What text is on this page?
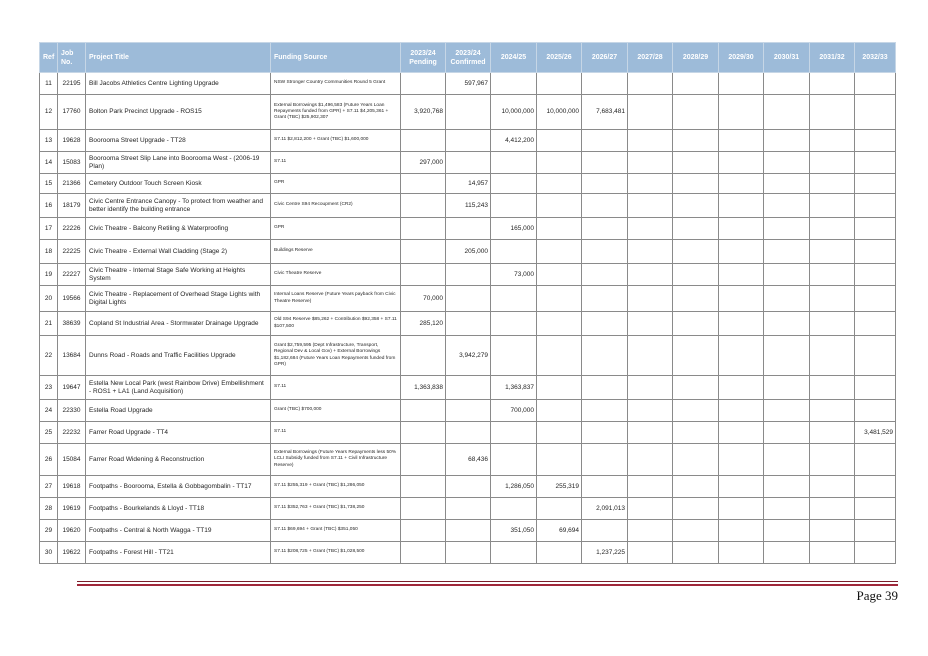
Ref	Job No.	Project Title	Funding Source	2023/24 Pending	2023/24 Confirmed	2024/25	2025/26	2026/27	2027/28	2028/29	2029/30	2030/31	2031/32	2032/33
11	22195	Bill Jacobs Athletics Centre Lighting Upgrade	NSW Stronger Country Communities Round 5 Grant		597,967									
12	17760	Bolton Park Precinct Upgrade - ROS15	External Borrowings $1,496,583 (Future Years Loan Repayments funded from GPR) + S7.11 $4,205,361 + Grant (TBC) $25,902,307	3,920,768		10,000,000	10,000,000	7,683,481						
13	19628	Boorooma Street Upgrade - TT28	S7.11 $2,812,200 + Grant (TBC) $1,600,000			4,412,200								
14	15083	Boorooma Street Slip Lane into Boorooma West - (2006-19 Plan)	S7.11	297,000										
15	21366	Cemetery Outdoor Touch Screen Kiosk	GPR		14,957									
16	18179	Civic Centre Entrance Canopy - To protect from weather and better identify the building entrance	Civic Centre S94 Recoupment (CR2)		115,243									
17	22226	Civic Theatre - Balcony Retiling & Waterproofing	GPR			165,000								
18	22225	Civic Theatre - External Wall Cladding (Stage 2)	Buildings Reserve		205,000									
19	22227	Civic Theatre - Internal Stage Safe Working at Heights System	Civic Theatre Reserve			73,000								
20	19566	Civic Theatre - Replacement of Overhead Stage Lights with Digital Lights	Internal Loans Reserve (Future Years payback from Civic Theatre Reserve)	70,000										
21	38639	Copland St Industrial Area - Stormwater Drainage Upgrade	Old S94 Reserve $85,262 + Contribution $92,358 + S7.11 $107,500	285,120										
22	13684	Dunns Road - Roads and Traffic Facilities Upgrade	Grant $2,759,595 (Dept Infrastructure, Transport, Regional Dev & Local Gov) + External Borrowings $1,182,684 (Future Years Loan Repayments funded from GPR)		3,942,279									
23	19647	Estella New Local Park (west Rainbow Drive) Embellishment - ROS1 + LA1 (Land Acquisition)	S7.11	1,363,838		1,363,837								
24	22330	Estella Road Upgrade	Grant (TBC) $700,000			700,000								
25	22232	Farrer Road Upgrade - TT4	S7.11											3,481,529
26	15084	Farrer Road Widening & Reconstruction	External Borrowings (Future Years Repayments less 50% LCLI Subsidy funded from S7.11 + Civil Infrastructure Reserve)		68,436									
27	19618	Footpaths - Boorooma, Estella & Gobbagombalin - TT17	S7.11 $255,319 + Grant (TBC) $1,286,050			1,286,050	255,319							
28	19619	Footpaths - Bourkelands & Lloyd - TT18	S7.11 $352,763 + Grant (TBC) $1,738,250					2,091,013						
29	19620	Footpaths - Central & North Wagga - TT19	S7.11 $69,694 + Grant (TBC) $351,050			351,050	69,694							
30	19622	Footpaths - Forest Hill - TT21	S7.11 $208,725 + Grant (TBC) $1,028,500					1,237,225						
Page 39
